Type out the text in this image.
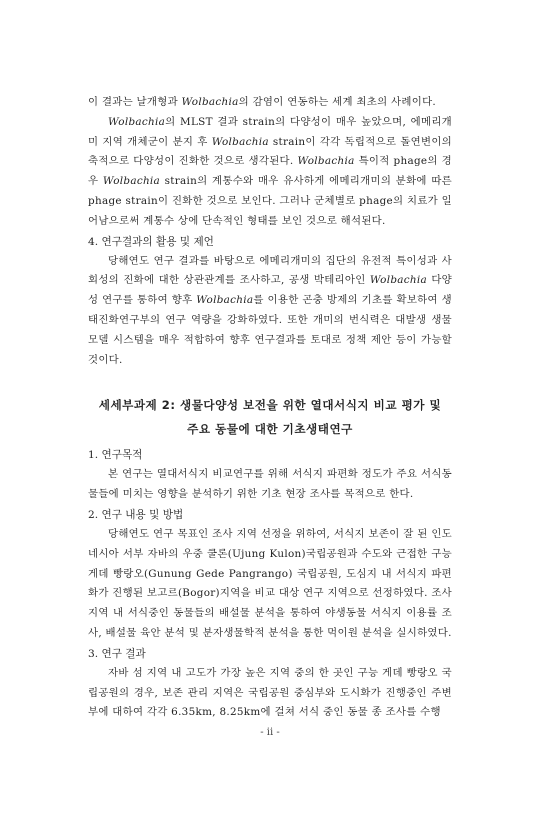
이 결과는 날개형과 Wolbachia의 감염이 연동하는 세계 최초의 사례이다.

Wolbachia의 MLST 결과 strain의 다양성이 매우 높았으며, 에메리개미 지역 개체군이 분지 후 Wolbachia strain이 각각 독립적으로 돌연변이의 축적으로 다양성이 진화한 것으로 생각된다. Wolbachia 특이적 phage의 경우 Wolbachia strain의 계통수와 매우 유사하게 에메리개미의 분화에 따른 phage strain이 진화한 것으로 보인다. 그러나 군체별로 phage의 치료가 일어남으로써 계통수 상에 단속적인 형태를 보인 것으로 해석된다.

4. 연구결과의 활용 및 제언

당해연도 연구 결과를 바탕으로 에메리개미의 집단의 유전적 특이성과 사회성의 진화에 대한 상관관계를 조사하고, 공생 박테리아인 Wolbachia 다양성 연구를 통하여 향후 Wolbachia를 이용한 곤충 방제의 기초를 확보하여 생태진화연구부의 연구 역량을 강화하였다. 또한 개미의 번식력은 대발생 생물 모델 시스템을 매우 적합하여 향후 연구결과를 토대로 정책 제안 등이 가능할 것이다.

세세부과제 2: 생물다양성 보전을 위한 열대서식지 비교 평가 및

주요 동물에 대한 기초생태연구

1. 연구목적

본 연구는 열대서식지 비교연구를 위해 서식지 파편화 정도가 주요 서식동물들에 미치는 영향을 분석하기 위한 기초 현장 조사를 목적으로 한다.

2. 연구 내용 및 방법

당해연도 연구 목표인 조사 지역 선정을 위하여, 서식지 보존이 잘 된 인도네시아 서부 자바의 우중 쿨론(Ujung Kulon)국립공원과 수도와 근접한 구능 게데 빵랑오(Gunung Gede Pangrango) 국립공원, 도심지 내 서식지 파편화가 진행된 보고르(Bogor)지역을 비교 대상 연구 지역으로 선정하였다. 조사지역 내 서식중인 동물들의 배설물 분석을 통하여 야생동물 서식지 이용률 조사, 배설물 육안 분석 및 분자생물학적 분석을 통한 먹이원 분석을 실시하였다.

3. 연구 결과

자바 섬 지역 내 고도가 가장 높은 지역 중의 한 곳인 구능 게데 빵랑오 국립공원의 경우, 보존 관리 지역은 국립공원 중심부와 도시화가 진행중인 주변부에 대하여 각각 6.35km, 8.25km에 걸쳐 서식 중인 동물 종 조사를 수행

- ii -
